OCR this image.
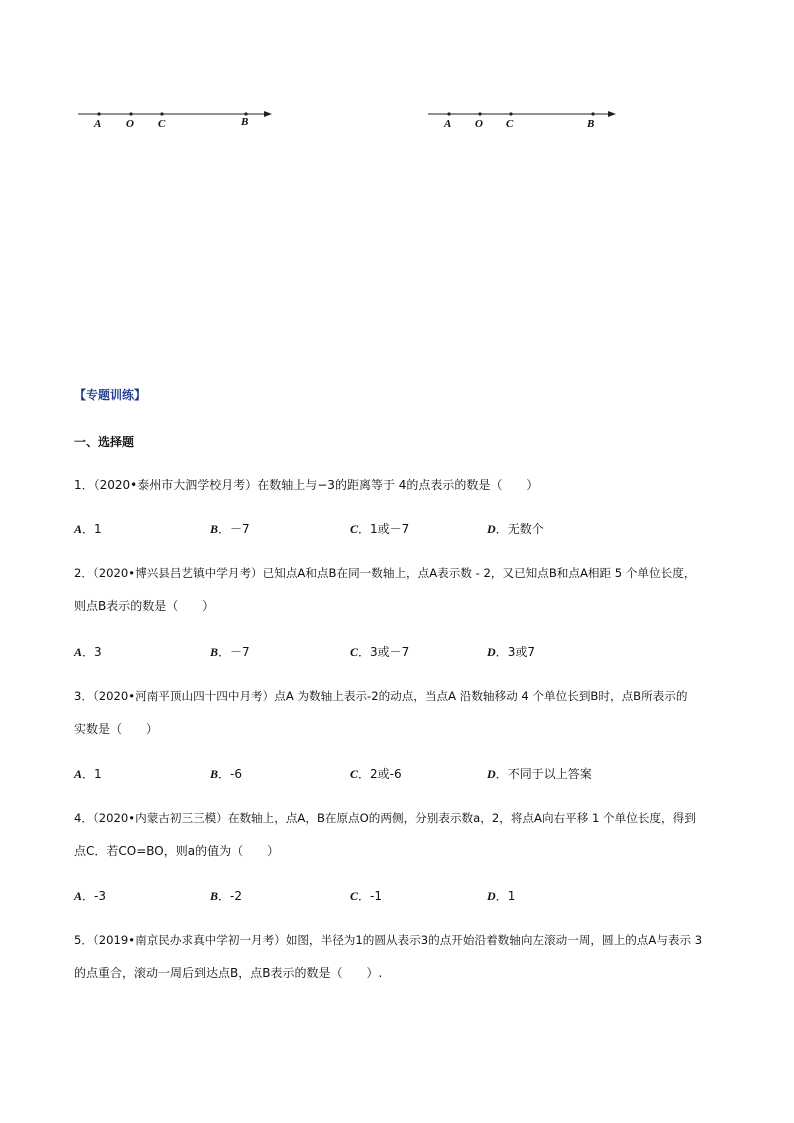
A O C	B	A O C	B
【专题训练】
一、选择题
1．（2020•泰州市大泗学校月考）在数轴上与−3的距离等于 4的点表示的数是（　　）
A．1	B．－7	C．1或－7	D．无数个
2．（2020•博兴县吕艺镇中学月考）已知点A和点B在同一数轴上，点A表示数 - 2，又已知点B和点A相距 5 个单位长度，
则点B表示的数是（　　）
A．3	B．－7	C．3或－7	D．3或7
3．（2020•河南平顶山四十四中月考）点A 为数轴上表示-2的动点，当点A 沿数轴移动 4 个单位长到B时，点B所表示的
实数是（　　）
A．1	B．-6	C．2或-6	D．不同于以上答案
4．（2020•内蒙古初三三模）在数轴上，点A，B在原点O的两侧，分别表示数a，2，将点A向右平移 1 个单位长度，得到
点C．若CO=BO，则a的值为（　　）
A．-3	B．-2	C．-1	D．1
5．（2019•南京民办求真中学初一月考）如图，半径为1的圆从表示3的点开始沿着数轴向左滚动一周，圆上的点A与表示 3
的点重合，滚动一周后到达点B，点B表示的数是（　　）.
